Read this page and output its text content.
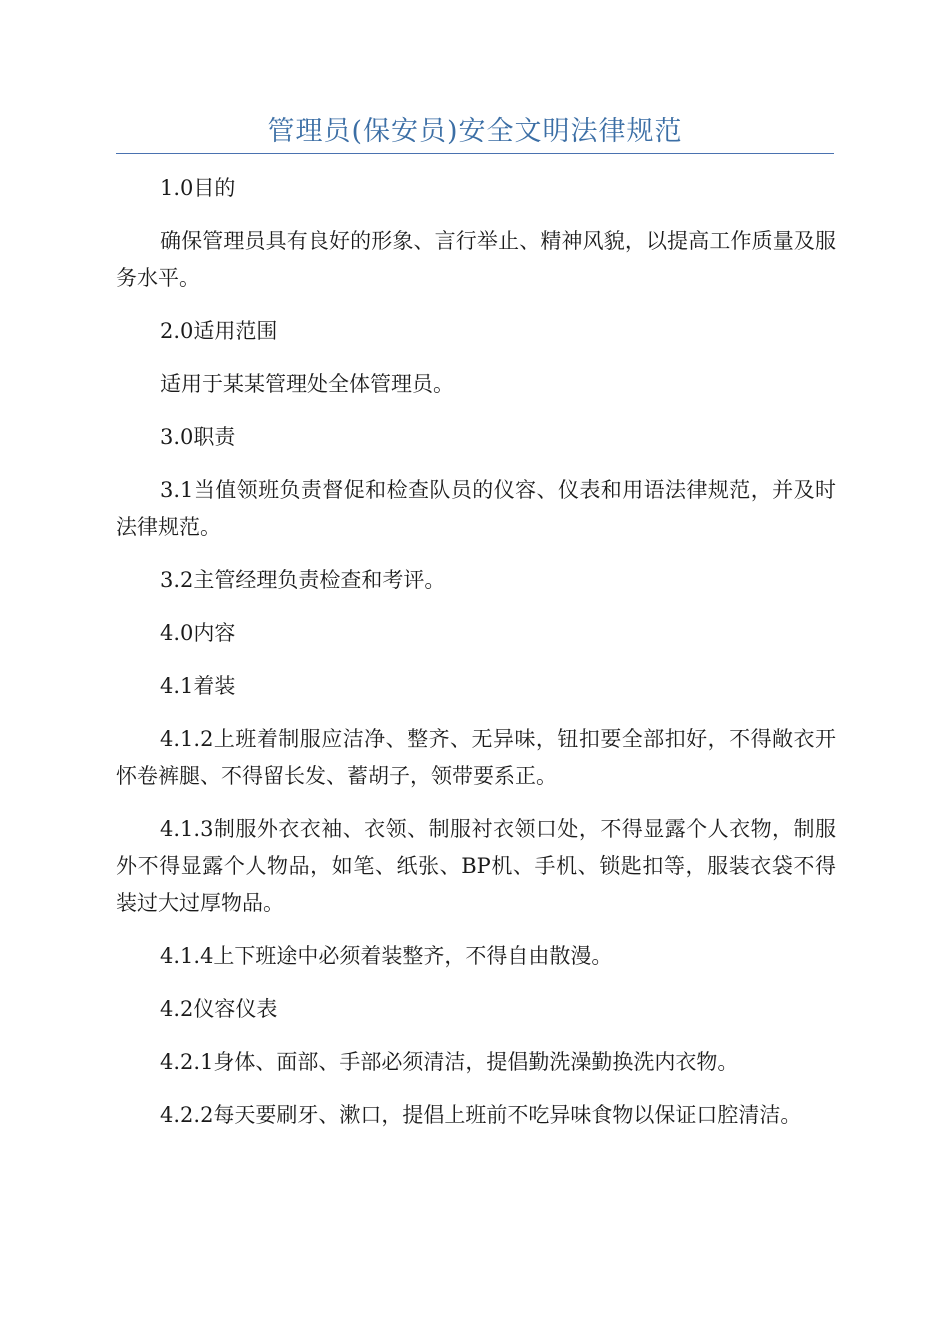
管理员(保安员)安全文明法律规范

1.0目的

确保管理员具有良好的形象、言行举止、精神风貌，以提高工作质量及服务水平。

2.0适用范围

适用于某某管理处全体管理员。

3.0职责

3.1当值领班负责督促和检查队员的仪容、仪表和用语法律规范，并及时法律规范。

3.2主管经理负责检查和考评。

4.0内容

4.1着装

4.1.2上班着制服应洁净、整齐、无异味，钮扣要全部扣好，不得敞衣开怀卷裤腿、不得留长发、蓄胡子，领带要系正。

4.1.3制服外衣衣袖、衣领、制服衬衣领口处，不得显露个人衣物，制服外不得显露个人物品，如笔、纸张、BP机、手机、锁匙扣等，服装衣袋不得装过大过厚物品。

4.1.4上下班途中必须着装整齐，不得自由散漫。

4.2仪容仪表

4.2.1身体、面部、手部必须清洁，提倡勤洗澡勤换洗内衣物。

4.2.2每天要刷牙、漱口，提倡上班前不吃异味食物以保证口腔清洁。
